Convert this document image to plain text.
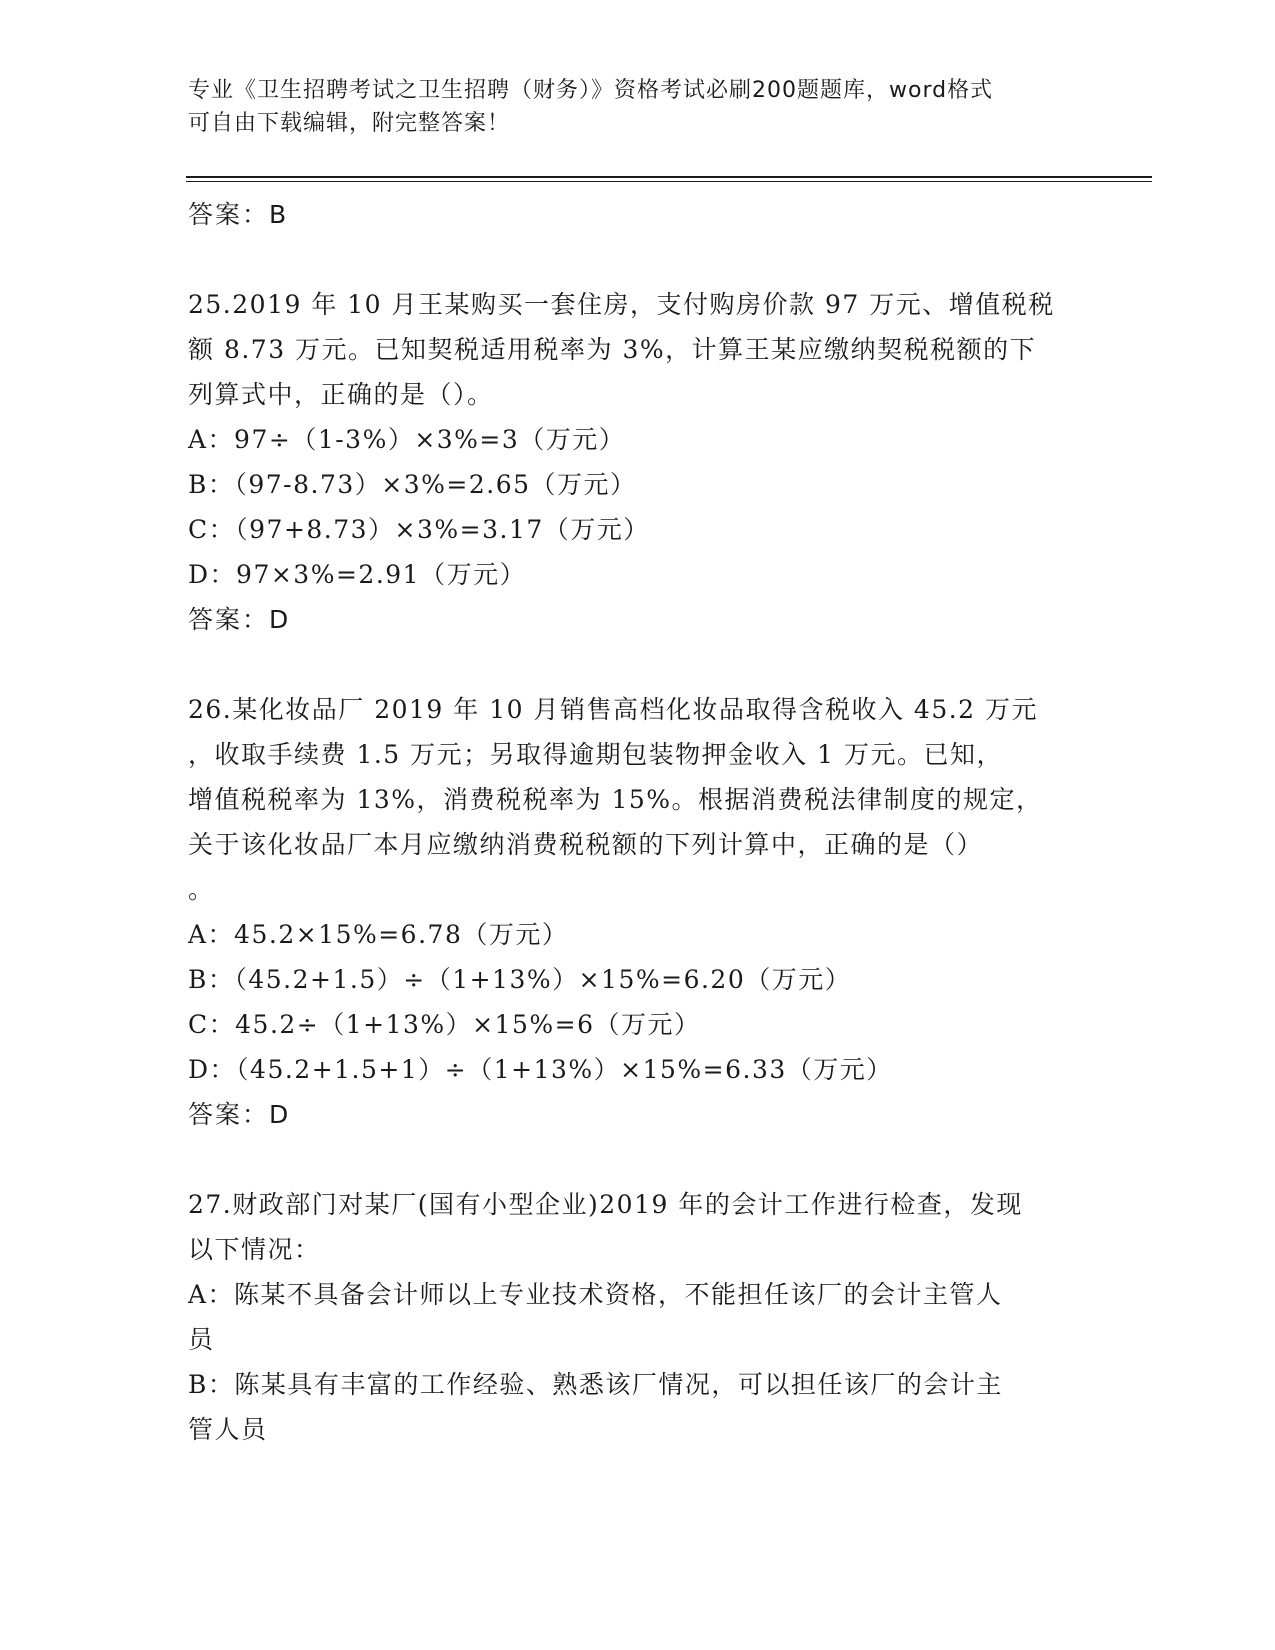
专业《卫生招聘考试之卫生招聘（财务）》资格考试必刷200题题库，word格式
可自由下载编辑，附完整答案！
答案：B
25.2019 年 10 月王某购买一套住房，支付购房价款 97 万元、增值税税
额 8.73 万元。已知契税适用税率为 3%，计算王某应缴纳契税税额的下
列算式中，正确的是（）。
A：97÷（1-3%）×3%=3（万元）
B：（97-8.73）×3%=2.65（万元）
C：（97+8.73）×3%=3.17（万元）
D：97×3%=2.91（万元）
答案：D
26.某化妆品厂 2019 年 10 月销售高档化妆品取得含税收入 45.2 万元
，收取手续费 1.5 万元；另取得逾期包装物押金收入 1 万元。已知，
增值税税率为 13%，消费税税率为 15%。根据消费税法律制度的规定，
关于该化妆品厂本月应缴纳消费税税额的下列计算中，正确的是（）
。
A：45.2×15%=6.78（万元）
B：（45.2+1.5）÷（1+13%）×15%=6.20（万元）
C：45.2÷（1+13%）×15%=6（万元）
D：（45.2+1.5+1）÷（1+13%）×15%=6.33（万元）
答案：D
27.财政部门对某厂(国有小型企业)2019 年的会计工作进行检查，发现
以下情况：
A：陈某不具备会计师以上专业技术资格，不能担任该厂的会计主管人
员
B：陈某具有丰富的工作经验、熟悉该厂情况，可以担任该厂的会计主
管人员
